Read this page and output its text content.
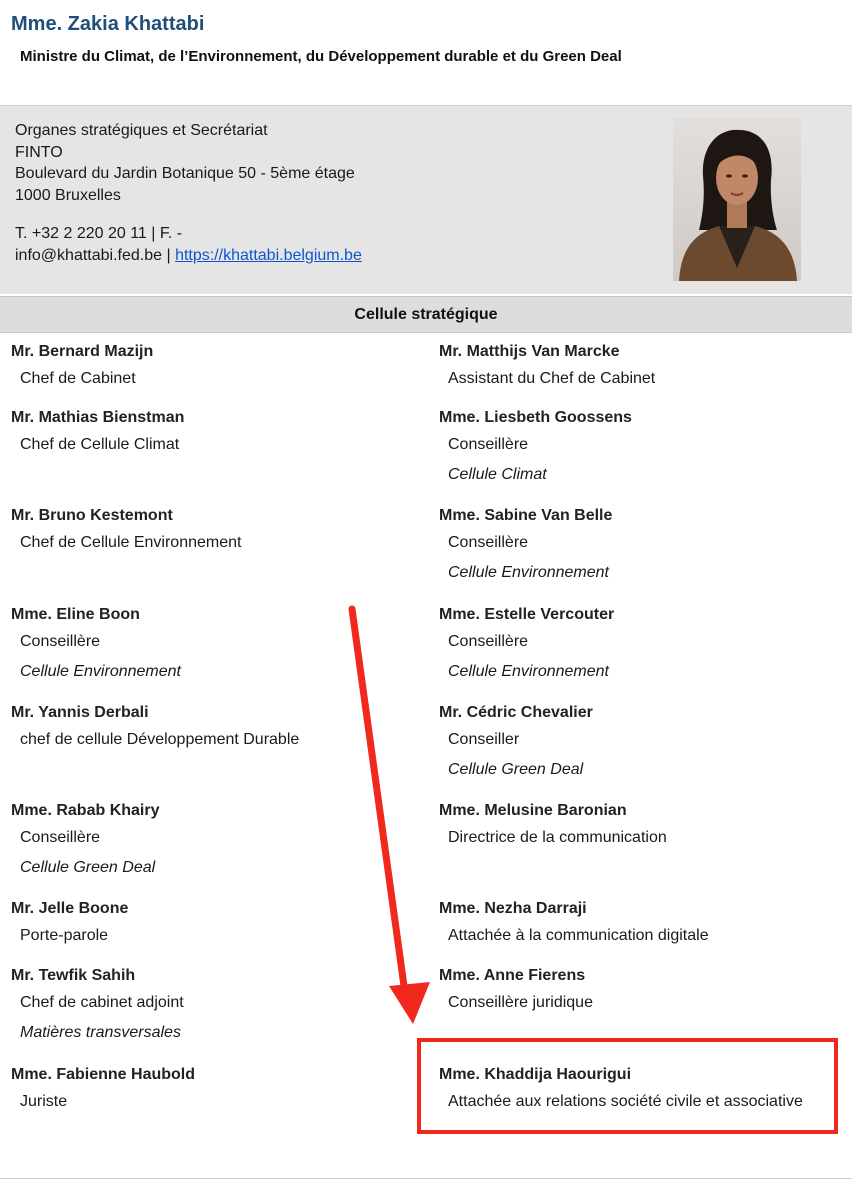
Mme. Zakia Khattabi
Ministre du Climat, de l’Environnement, du Développement durable et du Green Deal
Organes stratégiques et Secrétariat
FINTO
Boulevard du Jardin Botanique 50 - 5ème étage
1000 Bruxelles
T. +32 2 220 20 11 | F. -
info@khattabi.fed.be | https://khattabi.belgium.be
Cellule stratégique
Mr. Bernard Mazijn
Chef de Cabinet
Mr. Mathias Bienstman
Chef de Cellule Climat
Mr. Bruno Kestemont
Chef de Cellule Environnement
Mme. Eline Boon
Conseillère
Cellule Environnement
Mr. Yannis Derbali
chef de cellule Développement Durable
Mme. Rabab Khairy
Conseillère
Cellule Green Deal
Mr. Jelle Boone
Porte-parole
Mr. Tewfik Sahih
Chef de cabinet adjoint
Matières transversales
Mme. Fabienne Haubold
Juriste
Mr. Matthijs Van Marcke
Assistant du Chef de Cabinet
Mme. Liesbeth Goossens
Conseillère
Cellule Climat
Mme. Sabine Van Belle
Conseillère
Cellule Environnement
Mme. Estelle Vercouter
Conseillère
Cellule Environnement
Mr. Cédric Chevalier
Conseiller
Cellule Green Deal
Mme. Melusine Baronian
Directrice de la communication
Mme. Nezha Darraji
Attachée à la communication digitale
Mme. Anne Fierens
Conseillère juridique
Mme. Khaddija Haourigui
Attachée aux relations société civile et associative
